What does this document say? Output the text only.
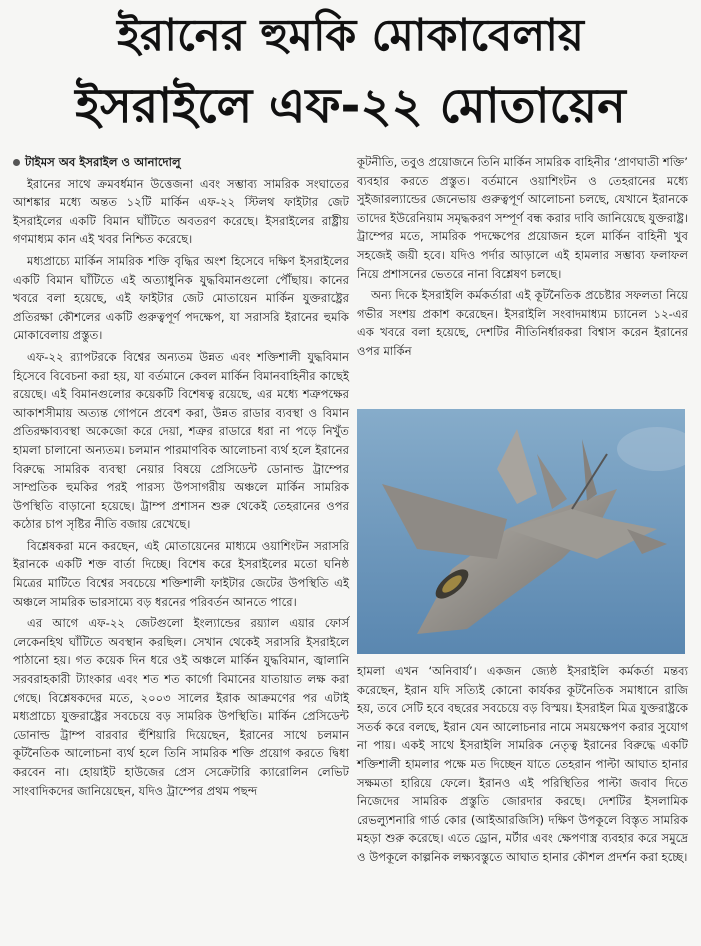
ইরানের হুমকি মোকাবেলায়
ইসরাইলে এফ-২২ মোতায়েন

টাইমস অব ইসরাইল ও আনাদোলু

ইরানের সাথে ক্রমবর্ধমান উত্তেজনা এবং সম্ভাব্য সামরিক সংঘাতের আশঙ্কার মধ্যে অন্তত ১২টি মার্কিন এফ-২২ স্টিলথ ফাইটার জেট ইসরাইলের একটি বিমান ঘাঁটিতে অবতরণ করেছে। ইসরাইলের রাষ্ট্রীয় গণমাধ্যম কান এই খবর নিশ্চিত করেছে।

মধ্যপ্রাচ্যে মার্কিন সামরিক শক্তি বৃদ্ধির অংশ হিসেবে দক্ষিণ ইসরাইলের একটি বিমান ঘাঁটিতে এই অত্যাধুনিক যুদ্ধবিমানগুলো পৌঁছায়। কানের খবরে বলা হয়েছে, এই ফাইটার জেট মোতায়েন মার্কিন যুক্তরাষ্ট্রের প্রতিরক্ষা কৌশলের একটি গুরুত্বপূর্ণ পদক্ষেপ, যা সরাসরি ইরানের হুমকি মোকাবেলায় প্রস্তুত।

এফ-২২ র‌্যাপটরকে বিশ্বের অন্যতম উন্নত এবং শক্তিশালী যুদ্ধবিমান হিসেবে বিবেচনা করা হয়, যা বর্তমানে কেবল মার্কিন বিমানবাহিনীর কাছেই রয়েছে। এই বিমানগুলোর কয়েকটি বিশেষত্ব রয়েছে, এর মধ্যে শত্রুপক্ষের আকাশসীমায় অত্যন্ত গোপনে প্রবেশ করা, উন্নত রাডার ব্যবস্থা ও বিমান প্রতিরক্ষাব্যবস্থা অকেজো করে দেয়া, শত্রুর রাডারে ধরা না পড়ে নিখুঁত হামলা চালানো অন্যতম। চলমান পারমাণবিক আলোচনা ব্যর্থ হলে ইরানের বিরুদ্ধে সামরিক ব্যবস্থা নেয়ার বিষয়ে প্রেসিডেন্ট ডোনাল্ড ট্রাম্পের সাম্প্রতিক হুমকির পরই পারস্য উপসাগরীয় অঞ্চলে মার্কিন সামরিক উপস্থিতি বাড়ানো হয়েছে। ট্রাম্প প্রশাসন শুরু থেকেই তেহরানের ওপর কঠোর চাপ সৃষ্টির নীতি বজায় রেখেছে।

বিশ্লেষকরা মনে করছেন, এই মোতায়েনের মাধ্যমে ওয়াশিংটন সরাসরি ইরানকে একটি শক্ত বার্তা দিচ্ছে। বিশেষ করে ইসরাইলের মতো ঘনিষ্ঠ মিত্রের মাটিতে বিশ্বের সবচেয়ে শক্তিশালী ফাইটার জেটের উপস্থিতি এই অঞ্চলে সামরিক ভারসাম্যে বড় ধরনের পরিবর্তন আনতে পারে।

এর আগে এফ-২২ জেটগুলো ইংল্যান্ডের রয়্যাল এয়ার ফোর্স লেকেনহিথ ঘাঁটিতে অবস্থান করছিল। সেখান থেকেই সরাসরি ইসরাইলে পাঠানো হয়। গত কয়েক দিন ধরে ওই অঞ্চলে মার্কিন যুদ্ধবিমান, জ্বালানি সরবরাহকারী ট্যাংকার এবং শত শত কার্গো বিমানের যাতায়াত লক্ষ করা গেছে। বিশ্লেষকদের মতে, ২০০৩ সালের ইরাক আক্রমণের পর এটাই মধ্যপ্রাচ্যে যুক্তরাষ্ট্রের সবচেয়ে বড় সামরিক উপস্থিতি। মার্কিন প্রেসিডেন্ট ডোনাল্ড ট্রাম্প বারবার হুঁশিয়ারি দিয়েছেন, ইরানের সাথে চলমান কূটনৈতিক আলোচনা ব্যর্থ হলে তিনি সামরিক শক্তি প্রয়োগ করতে দ্বিধা করবেন না। হোয়াইট হাউজের প্রেস সেক্রেটারি ক্যারোলিন লেভিট সাংবাদিকদের জানিয়েছেন, যদিও ট্রাম্পের প্রথম পছন্দ

কূটনীতি, তবুও প্রয়োজনে তিনি মার্কিন সামরিক বাহিনীর ‘প্রাণঘাতী শক্তি’ ব্যবহার করতে প্রস্তুত। বর্তমানে ওয়াশিংটন ও তেহরানের মধ্যে সুইজারল্যান্ডের জেনেভায় গুরুত্বপূর্ণ আলোচনা চলছে, যেখানে ইরানকে তাদের ইউরেনিয়াম সমৃদ্ধকরণ সম্পূর্ণ বন্ধ করার দাবি জানিয়েছে যুক্তরাষ্ট্র। ট্রাম্পের মতে, সামরিক পদক্ষেপের প্রয়োজন হলে মার্কিন বাহিনী খুব সহজেই জয়ী হবে। যদিও পর্দার আড়ালে এই হামলার সম্ভাব্য ফলাফল নিয়ে প্রশাসনের ভেতরে নানা বিশ্লেষণ চলছে।

অন্য দিকে ইসরাইলি কর্মকর্তারা এই কূটনৈতিক প্রচেষ্টার সফলতা নিয়ে গভীর সংশয় প্রকাশ করেছেন। ইসরাইলি সংবাদমাধ্যম চ্যানেল ১২-এর এক খবরে বলা হয়েছে, দেশটির নীতিনির্ধারকরা বিশ্বাস করেন ইরানের ওপর মার্কিন

হামলা এখন ‘অনিবার্য’। একজন জ্যেষ্ঠ ইসরাইলি কর্মকর্তা মন্তব্য করেছেন, ইরান যদি সত্যিই কোনো কার্যকর কূটনৈতিক সমাধানে রাজি হয়, তবে সেটি হবে বছরের সবচেয়ে বড় বিস্ময়। ইসরাইল মিত্র যুক্তরাষ্ট্রকে সতর্ক করে বলছে, ইরান যেন আলোচনার নামে সময়ক্ষেপণ করার সুযোগ না পায়। একই সাথে ইসরাইলি সামরিক নেতৃত্ব ইরানের বিরুদ্ধে একটি শক্তিশালী হামলার পক্ষে মত দিচ্ছেন যাতে তেহরান পাল্টা আঘাত হানার সক্ষমতা হারিয়ে ফেলে। ইরানও এই পরিস্থিতির পাল্টা জবাব দিতে নিজেদের সামরিক প্রস্তুতি জোরদার করছে। দেশটির ইসলামিক রেভল্যুশনারি গার্ড কোর (আইআরজিসি) দক্ষিণ উপকূলে বিস্তৃত সামরিক মহড়া শুরু করেছে। এতে ড্রোন, মর্টার এবং ক্ষেপণাস্ত্র ব্যবহার করে সমুদ্রে ও উপকূলে কাল্পনিক লক্ষ্যবস্তুতে আঘাত হানার কৌশল প্রদর্শন করা হচ্ছে।
